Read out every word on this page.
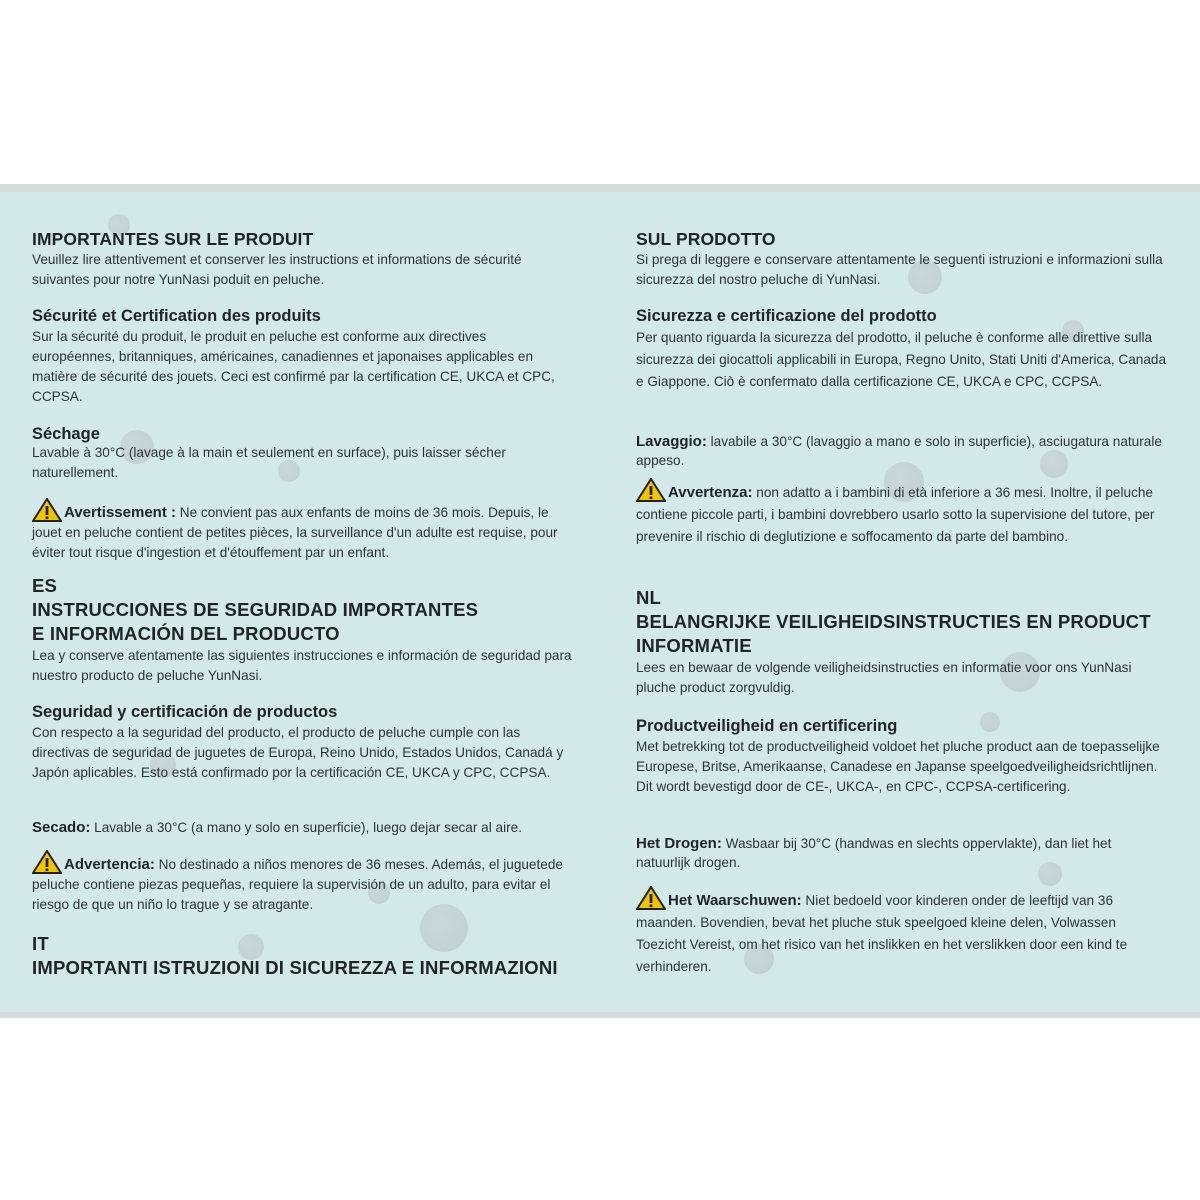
IMPORTANTES SUR LE PRODUIT
Veuillez lire attentivement et conserver les instructions et informations de sécurité suivantes pour notre YunNasi poduit en peluche.
Sécurité et Certification des produits
Sur la sécurité du produit, le produit en peluche est conforme aux directives européennes, britanniques, américaines, canadiennes et japonaises applicables en matière de sécurité des jouets. Ceci est confirmé par la certification CE, UKCA et CPC, CCPSA.
Séchage
Lavable à 30°C (lavage à la main et seulement en surface), puis laisser sécher naturellement.
Avertissement : Ne convient pas aux enfants de moins de 36 mois. Depuis, le jouet en peluche contient de petites pièces, la surveillance d'un adulte est requise, pour éviter tout risque d'ingestion et d'étouffement par un enfant.
ES
INSTRUCCIONES DE SEGURIDAD IMPORTANTES
E INFORMACIÓN DEL PRODUCTO
Lea y conserve atentamente las siguientes instrucciones e información de seguridad para nuestro producto de peluche YunNasi.
Seguridad y certificación de productos
Con respecto a la seguridad del producto, el producto de peluche cumple con las directivas de seguridad de juguetes de Europa, Reino Unido, Estados Unidos, Canadá y Japón aplicables. Esto está confirmado por la certificación CE, UKCA y CPC, CCPSA.
Secado: Lavable a 30°C (a mano y solo en superficie), luego dejar secar al aire.
Advertencia: No destinado a niños menores de 36 meses. Además, el juguetede peluche contiene piezas pequeñas, requiere la supervisión de un adulto, para evitar el riesgo de que un niño lo trague y se atragante.
IT
IMPORTANTI ISTRUZIONI DI SICUREZZA E INFORMAZIONI
SUL PRODOTTO
Si prega di leggere e conservare attentamente le seguenti istruzioni e informazioni sulla sicurezza del nostro peluche di YunNasi.
Sicurezza e certificazione del prodotto
Per quanto riguarda la sicurezza del prodotto, il peluche è conforme alle direttive sulla sicurezza dei giocattoli applicabili in Europa, Regno Unito, Stati Uniti d'America, Canada e Giappone. Ciò è confermato dalla certificazione CE, UKCA e CPC, CCPSA.
Lavaggio: lavabile a 30°C (lavaggio a mano e solo in superficie), asciugatura naturale appeso.
Avvertenza: non adatto a i bambini di età inferiore a 36 mesi. Inoltre, il peluche contiene piccole parti, i bambini dovrebbero usarlo sotto la supervisione del tutore, per prevenire il rischio di deglutizione e soffocamento da parte del bambino.
NL
BELANGRIJKE VEILIGHEIDSINSTRUCTIES EN PRODUCT
INFORMATIE
Lees en bewaar de volgende veiligheidsinstructies en informatie voor ons YunNasi pluche product zorgvuldig.
Productveiligheid en certificering
Met betrekking tot de productveiligheid voldoet het pluche product aan de toepasselijke Europese, Britse, Amerikaanse, Canadese en Japanse speelgoedveiligheidsrichtlijnen. Dit wordt bevestigd door de CE-, UKCA-, en CPC-, CCPSA-certificering.
Het Drogen: Wasbaar bij 30°C (handwas en slechts oppervlakte), dan liet het natuurlijk drogen.
Het Waarschuwen: Niet bedoeld voor kinderen onder de leeftijd van 36 maanden. Bovendien, bevat het pluche stuk speelgoed kleine delen, Volwassen Toezicht Vereist, om het risico van het inslikken en het verslikken door een kind te verhinderen.
